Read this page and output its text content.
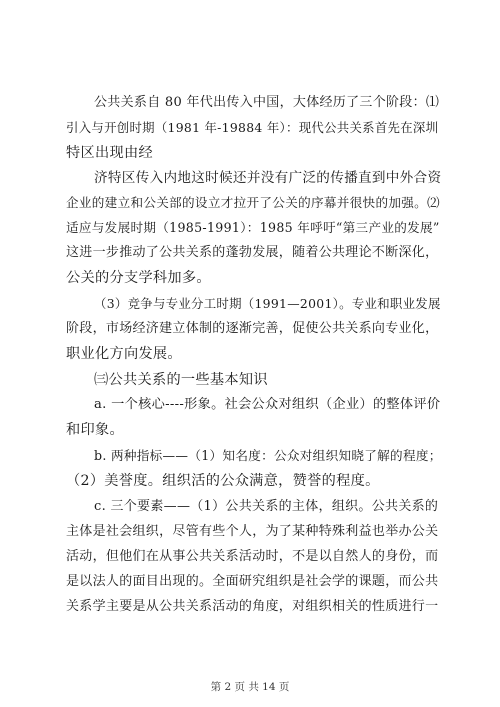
公共关系自 80 年代出传入中国，大体经历了三个阶段：⑴
引入与开创时期（1981 年-19884 年）：现代公共关系首先在深圳
特区出现由经
济特区传入内地这时候还并没有广泛的传播直到中外合资
企业的建立和公关部的设立才拉开了公关的序幕并很快的加强。⑵
适应与发展时期（1985-1991）：1985 年呼吁“第三产业的发展”
这进一步推动了公共关系的蓬勃发展，随着公共理论不断深化，
公关的分支学科加多。
（3）竞争与专业分工时期（1991—2001）。专业和职业发展
阶段，市场经济建立体制的逐渐完善，促使公共关系向专业化，
职业化方向发展。
㈢公共关系的一些基本知识
a. 一个核心----形象。社会公众对组织（企业）的整体评价
和印象。
b. 两种指标——（1）知名度：公众对组织知晓了解的程度；
（2）美誉度。组织活的公众满意，赞誉的程度。
c. 三个要素——（1）公共关系的主体，组织。公共关系的
主体是社会组织，尽管有些个人，为了某种特殊利益也举办公关
活动，但他们在从事公共关系活动时，不是以自然人的身份，而
是以法人的面目出现的。全面研究组织是社会学的课题，而公共
关系学主要是从公共关系活动的角度，对组织相关的性质进行一
第 2 页 共 14 页
